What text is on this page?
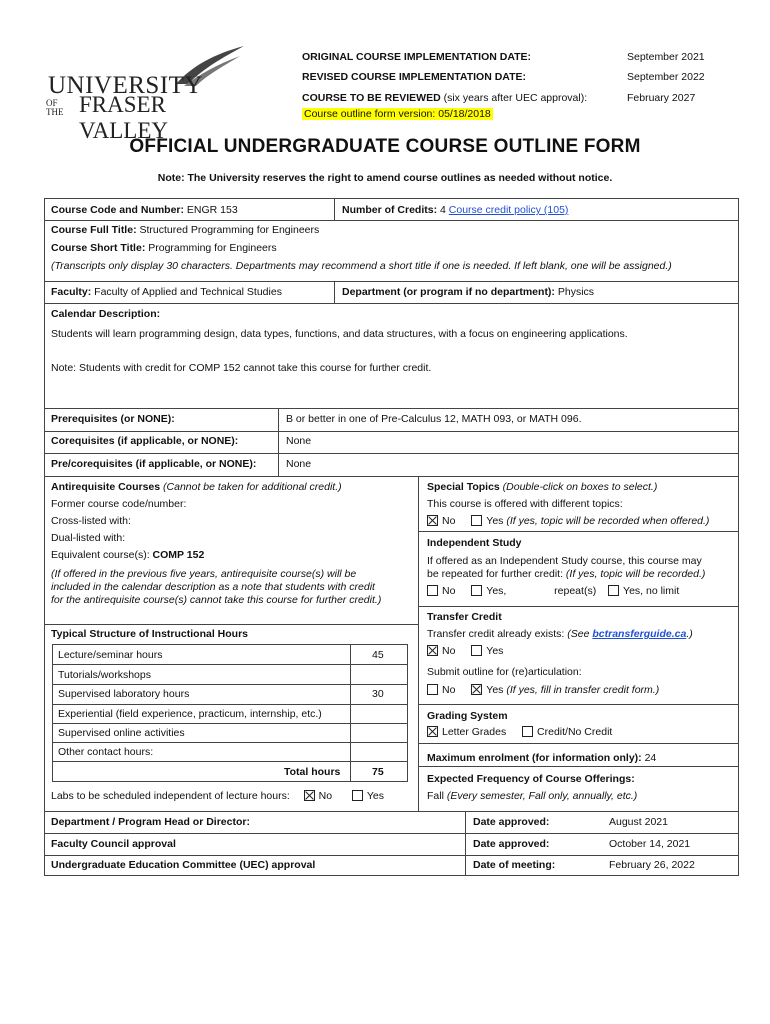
UNIVERSITY
OF
THE FRASER VALLEY
ORIGINAL COURSE IMPLEMENTATION DATE:	September 2021
REVISED COURSE IMPLEMENTATION DATE:	September 2022
COURSE TO BE REVIEWED (six years after UEC approval):	February 2027
Course outline form version: 05/18/2018
OFFICIAL UNDERGRADUATE COURSE OUTLINE FORM
Note: The University reserves the right to amend course outlines as needed without notice.
Course Code and Number: ENGR 153	Number of Credits: 4 Course credit policy (105)
Course Full Title: Structured Programming for Engineers
Course Short Title: Programming for Engineers
(Transcripts only display 30 characters. Departments may recommend a short title if one is needed. If left blank, one will be assigned.)
Faculty: Faculty of Applied and Technical Studies	Department (or program if no department): Physics
Calendar Description:
Students will learn programming design, data types, functions, and data structures, with a focus on engineering applications.
Note: Students with credit for COMP 152 cannot take this course for further credit.
Prerequisites (or NONE):	B or better in one of Pre-Calculus 12, MATH 093, or MATH 096.
Corequisites (if applicable, or NONE):	None
Pre/corequisites (if applicable, or NONE):	None
Antirequisite Courses (Cannot be taken for additional credit.)
Former course code/number:
Cross-listed with:
Dual-listed with:
Equivalent course(s): COMP 152
(If offered in the previous five years, antirequisite course(s) will be
included in the calendar description as a note that students with credit
for the antirequisite course(s) cannot take this course for further credit.)
Typical Structure of Instructional Hours
Lecture/seminar hours	45
Tutorials/workshops
Supervised laboratory hours	30
Experiential (field experience, practicum, internship, etc.)
Supervised online activities
Other contact hours:
Total hours	75
Labs to be scheduled independent of lecture hours:	No	Yes
Special Topics (Double-click on boxes to select.)
This course is offered with different topics:
No	Yes (If yes, topic will be recorded when offered.)
Independent Study
If offered as an Independent Study course, this course may
be repeated for further credit: (If yes, topic will be recorded.)
No	Yes,	repeat(s)	Yes, no limit
Transfer Credit
Transfer credit already exists: (See bctransferguide.ca.)
No	Yes
Submit outline for (re)articulation:
No	Yes (If yes, fill in transfer credit form.)
Grading System
Letter Grades	Credit/No Credit
Maximum enrolment (for information only): 24
Expected Frequency of Course Offerings:
Fall (Every semester, Fall only, annually, etc.)
Department / Program Head or Director:	Date approved:	August 2021
Faculty Council approval	Date approved:	October 14, 2021
Undergraduate Education Committee (UEC) approval	Date of meeting:	February 26, 2022
